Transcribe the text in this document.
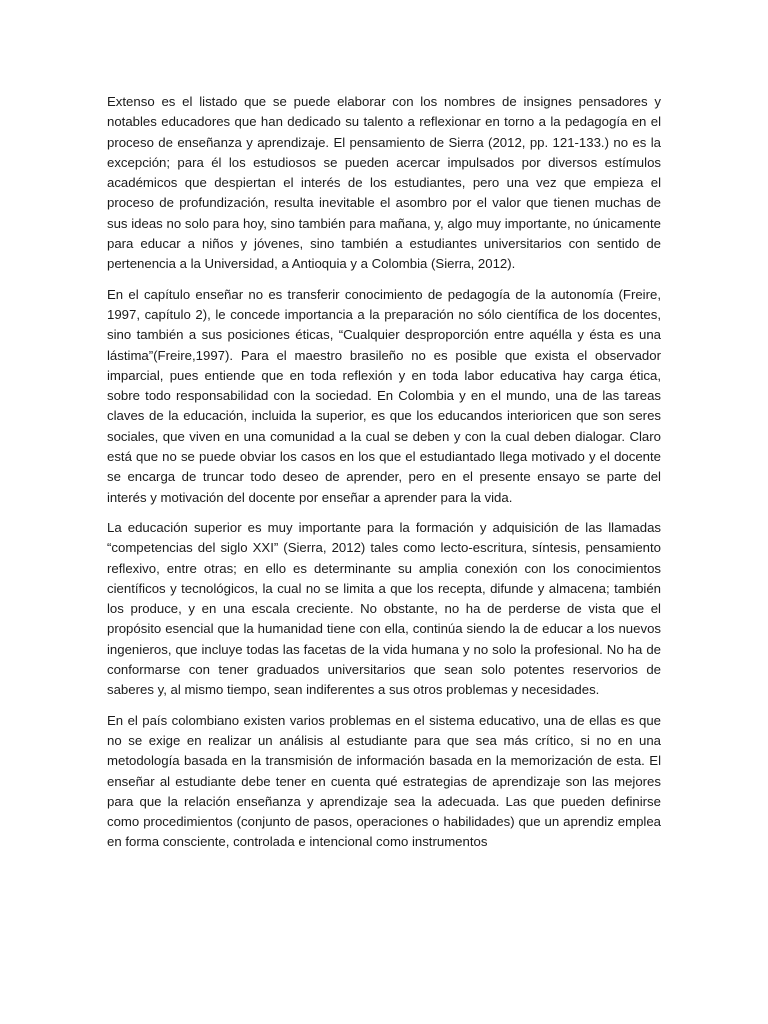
Extenso es el listado que se puede elaborar con los nombres de insignes pensadores y notables educadores que han dedicado su talento a reflexionar en torno a la pedagogía en el proceso de enseñanza y aprendizaje. El pensamiento de Sierra (2012, pp. 121-133.) no es la excepción; para él los estudiosos se pueden acercar impulsados por diversos estímulos académicos que despiertan el interés de los estudiantes, pero una vez que empieza el proceso de profundización, resulta inevitable el asombro por el valor que tienen muchas de sus ideas no solo para hoy, sino también para mañana, y, algo muy importante, no únicamente para educar a niños y jóvenes, sino también a estudiantes universitarios con sentido de pertenencia a la Universidad, a Antioquia y a Colombia (Sierra, 2012).

En el capítulo enseñar no es transferir conocimiento de pedagogía de la autonomía (Freire, 1997, capítulo 2), le concede importancia a la preparación no sólo científica de los docentes, sino también a sus posiciones éticas, “Cualquier desproporción entre aquélla y ésta es una lástima”(Freire,1997). Para el maestro brasileño no es posible que exista el observador imparcial, pues entiende que en toda reflexión y en toda labor educativa hay carga ética, sobre todo responsabilidad con la sociedad. En Colombia y en el mundo, una de las tareas claves de la educación, incluida la superior, es que los educandos interioricen que son seres sociales, que viven en una comunidad a la cual se deben y con la cual deben dialogar. Claro está que no se puede obviar los casos en los que el estudiantado llega motivado y el docente se encarga de truncar todo deseo de aprender, pero en el presente ensayo se parte del interés y motivación del docente por enseñar a aprender para la vida.

La educación superior es muy importante para la formación y adquisición de las llamadas “competencias del siglo XXI” (Sierra, 2012) tales como lecto-escritura, síntesis, pensamiento reflexivo, entre otras; en ello es determinante su amplia conexión con los conocimientos científicos y tecnológicos, la cual no se limita a que los recepta, difunde y almacena; también los produce, y en una escala creciente. No obstante, no ha de perderse de vista que el propósito esencial que la humanidad tiene con ella, continúa siendo la de educar a los nuevos ingenieros, que incluye todas las facetas de la vida humana y no solo la profesional. No ha de conformarse con tener graduados universitarios que sean solo potentes reservorios de saberes y, al mismo tiempo, sean indiferentes a sus otros problemas y necesidades.

En el país colombiano existen varios problemas en el sistema educativo, una de ellas es que no se exige en realizar un análisis al estudiante para que sea más crítico, si no en una metodología basada en la transmisión de información basada en la memorización de esta. El enseñar al estudiante debe tener en cuenta qué estrategias de aprendizaje son las mejores para que la relación enseñanza y aprendizaje sea la adecuada. Las que pueden definirse como procedimientos (conjunto de pasos, operaciones o habilidades) que un aprendiz emplea en forma consciente, controlada e intencional como instrumentos
